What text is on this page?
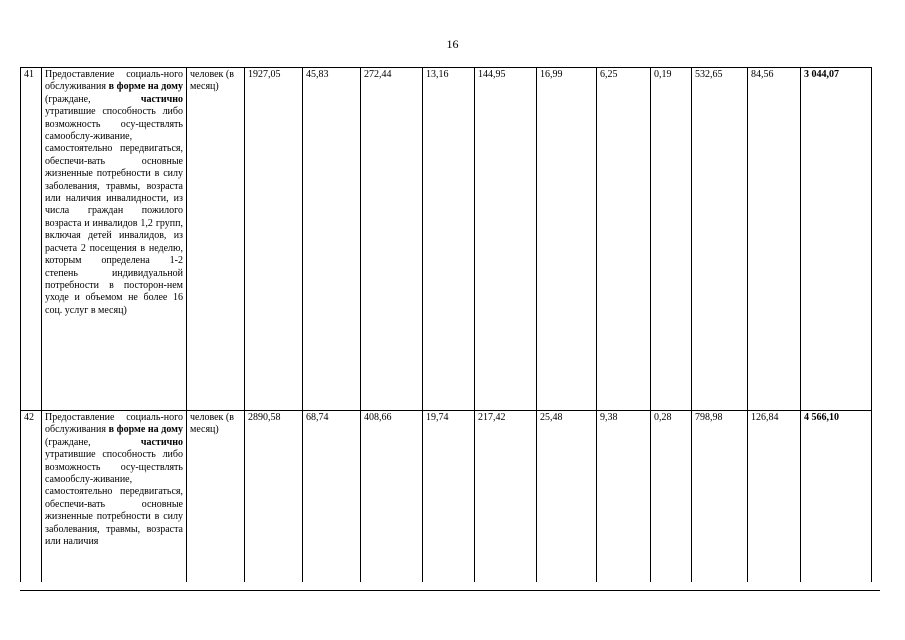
16
41	Предоставление социаль-ного обслуживания в форме на дому (граждане, частично утратившие способность либо возможность осу-ществлять самообслу-живание, самостоятельно передвигаться, обеспечи-вать основные жизненные потребности в силу заболевания, травмы, возраста или наличия инвалидности, из числа граждан пожилого возраста и инвалидов 1,2 групп, включая детей инвалидов, из расчета 2 посещения в неделю, которым определена 1-2 степень индивидуальной потребности в посторон-нем уходе и объемом не более 16 соц. услуг в месяц)	человек (в месяц)	1927,05	45,83	272,44	13,16	144,95	16,99	6,25	0,19	532,65	84,56	3 044,07
42	Предоставление социаль-ного обслуживания в форме на дому (граждане, частично утратившие способность либо возможность осу-ществлять самообслу-живание, самостоятельно передвигаться, обеспечи-вать основные жизненные потребности в силу заболевания, травмы, возраста или наличия	человек (в месяц)	2890,58	68,74	408,66	19,74	217,42	25,48	9,38	0,28	798,98	126,84	4 566,10
